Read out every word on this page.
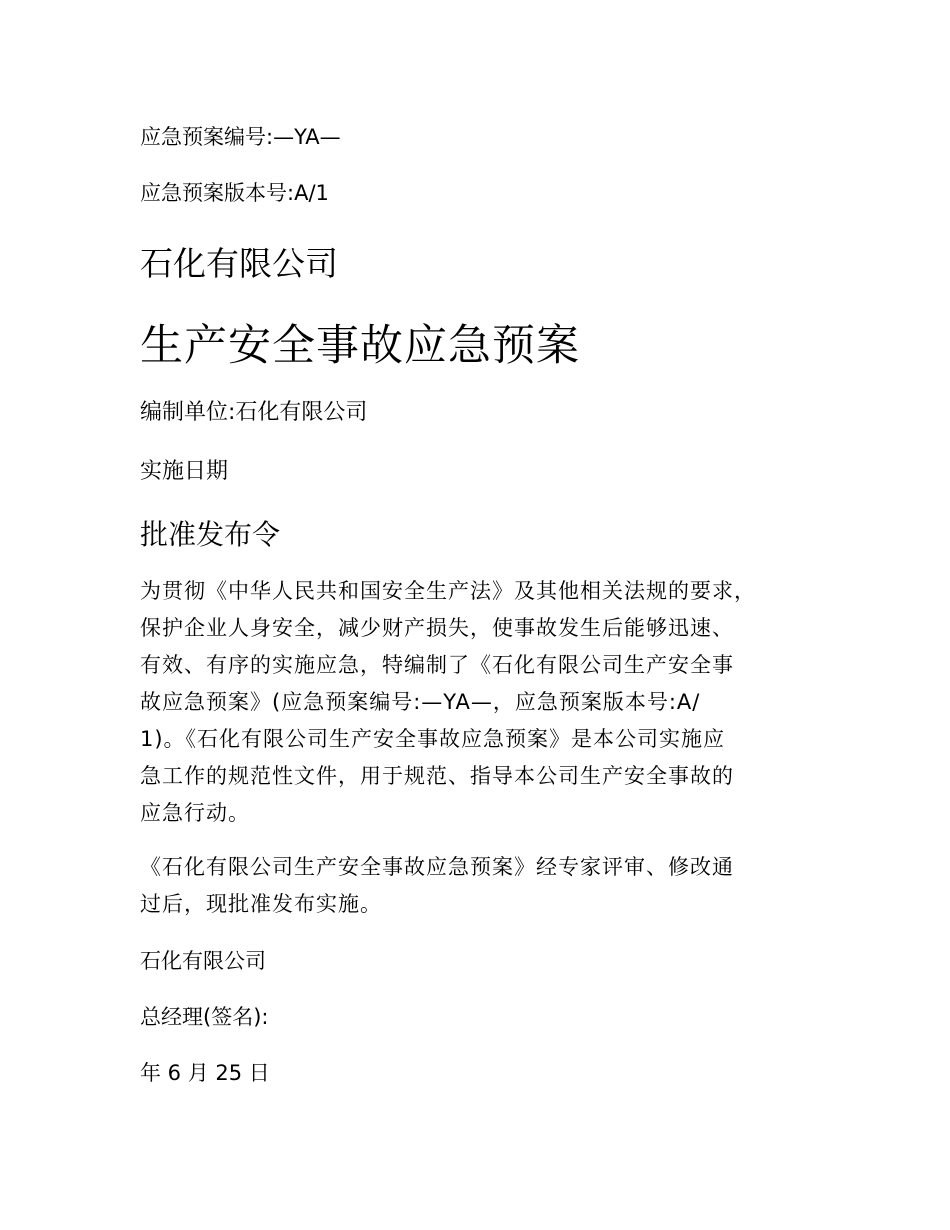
应急预案编号:—YA—

应急预案版本号:A/1

石化有限公司
生产安全事故应急预案

编制单位:石化有限公司

实施日期

批准发布令
为贯彻《中华人民共和国安全生产法》及其他相关法规的要求，
保护企业人身安全，减少财产损失，使事故发生后能够迅速、
有效、有序的实施应急，特编制了《石化有限公司生产安全事
故应急预案》(应急预案编号:—YA—，应急预案版本号:A/
1)。《石化有限公司生产安全事故应急预案》是本公司实施应
急工作的规范性文件，用于规范、指导本公司生产安全事故的
应急行动。
《石化有限公司生产安全事故应急预案》经专家评审、修改通
过后，现批准发布实施。

石化有限公司

总经理(签名):

年 6 月 25 日
